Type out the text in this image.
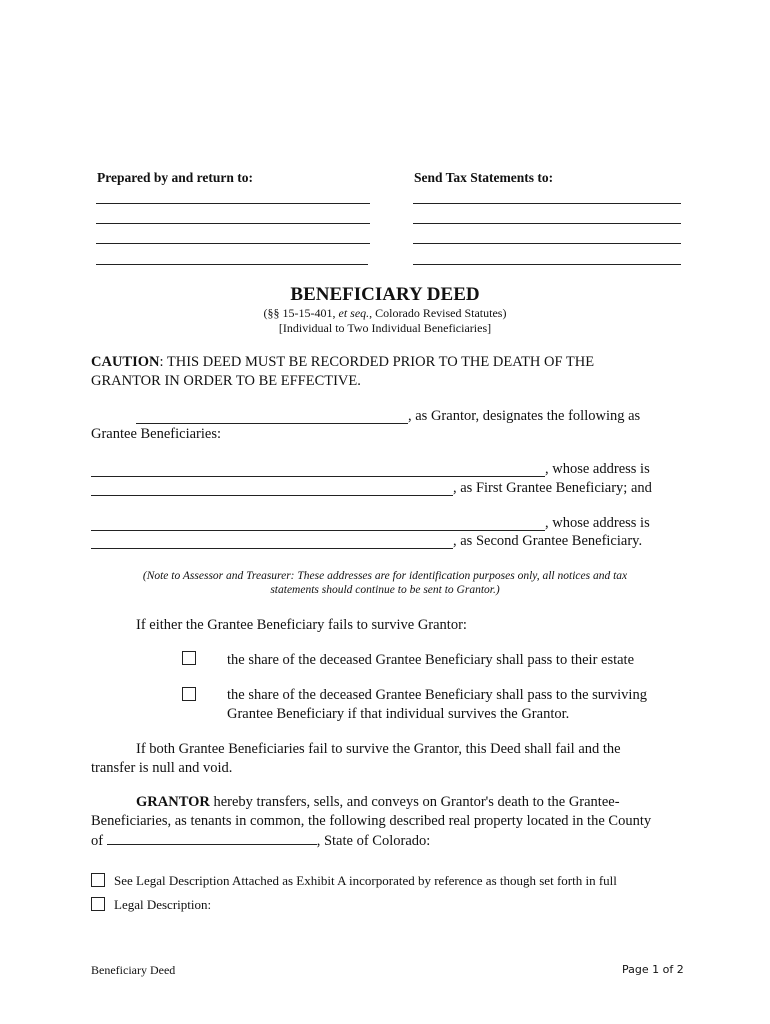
Prepared by and return to:	Send Tax Statements to:
BENEFICIARY DEED
(§§ 15-15-401, et seq., Colorado Revised Statutes)
[Individual to Two Individual Beneficiaries]
CAUTION: THIS DEED MUST BE RECORDED PRIOR TO THE DEATH OF THE
GRANTOR IN ORDER TO BE EFFECTIVE.
, as Grantor, designates the following as
Grantee Beneficiaries:
, whose address is
, as First Grantee Beneficiary; and
, whose address is
, as Second Grantee Beneficiary.
(Note to Assessor and Treasurer: These addresses are for identification purposes only, all notices and tax
statements should continue to be sent to Grantor.)
If either the Grantee Beneficiary fails to survive Grantor:
the share of the deceased Grantee Beneficiary shall pass to their estate
the share of the deceased Grantee Beneficiary shall pass to the surviving
Grantee Beneficiary if that individual survives the Grantor.
If both Grantee Beneficiaries fail to survive the Grantor, this Deed shall fail and the
transfer is null and void.
GRANTOR hereby transfers, sells, and conveys on Grantor's death to the Grantee-
Beneficiaries, as tenants in common, the following described real property located in the County
of	, State of Colorado:
See Legal Description Attached as Exhibit A incorporated by reference as though set forth in full
Legal Description:
Beneficiary Deed	Page 1 of 2
